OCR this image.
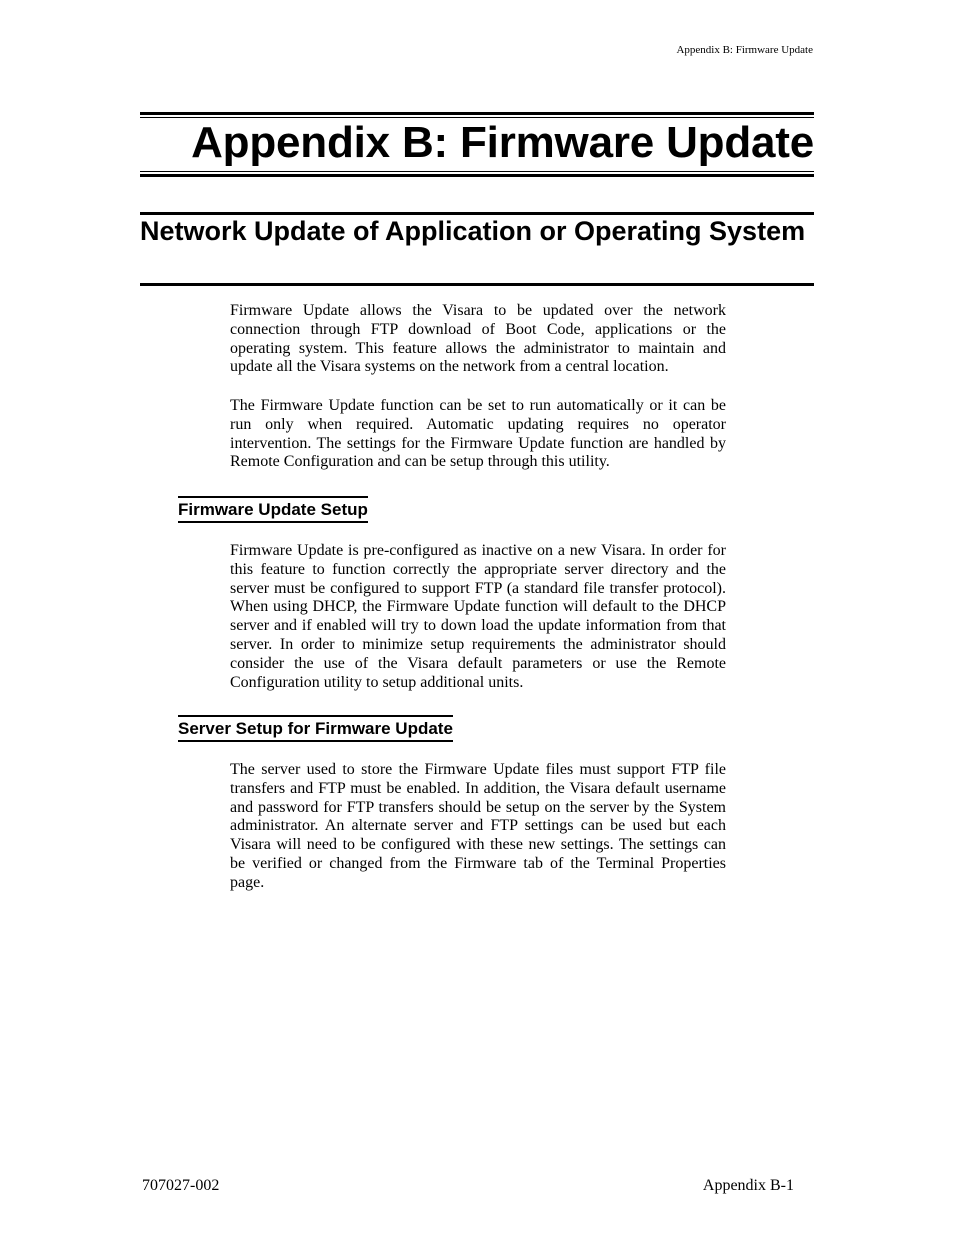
Appendix B: Firmware Update
Appendix B: Firmware Update
Network Update of Application or Operating System

Firmware Update allows the Visara to be updated over the network connection through FTP download of Boot Code, applications or the operating system. This feature allows the administrator to maintain and update all the Visara systems on the network from a central location.

The Firmware Update function can be set to run automatically or it can be run only when required. Automatic updating requires no operator intervention. The settings for the Firmware Update function are handled by Remote Configuration and can be setup through this utility.

Firmware Update Setup

Firmware Update is pre-configured as inactive on a new Visara. In order for this feature to function correctly the appropriate server directory and the server must be configured to support FTP (a standard file transfer protocol). When using DHCP, the Firmware Update function will default to the DHCP server and if enabled will try to down load the update information from that server. In order to minimize setup requirements the administrator should consider the use of the Visara default parameters or use the Remote Configuration utility to setup additional units.

Server Setup for Firmware Update

The server used to store the Firmware Update files must support FTP file transfers and FTP must be enabled. In addition, the Visara default username and password for FTP transfers should be setup on the server by the System administrator. An alternate server and FTP settings can be used but each Visara will need to be configured with these new settings. The settings can be verified or changed from the Firmware tab of the Terminal Properties page.

707027-002	Appendix B-1
